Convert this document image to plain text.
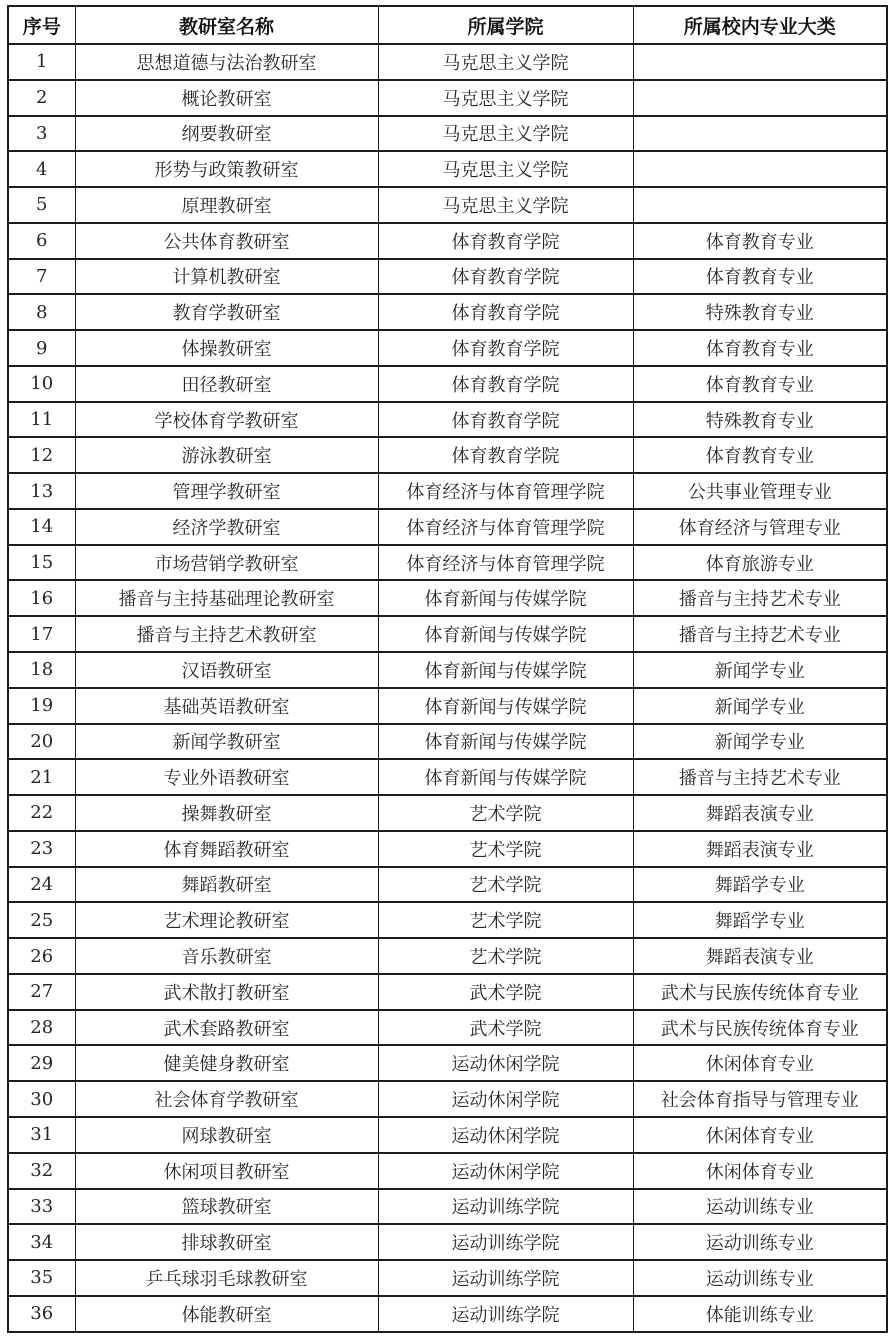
序号	教研室名称	所属学院	所属校内专业大类
1	思想道德与法治教研室	马克思主义学院	
2	概论教研室	马克思主义学院	
3	纲要教研室	马克思主义学院	
4	形势与政策教研室	马克思主义学院	
5	原理教研室	马克思主义学院	
6	公共体育教研室	体育教育学院	体育教育专业
7	计算机教研室	体育教育学院	体育教育专业
8	教育学教研室	体育教育学院	特殊教育专业
9	体操教研室	体育教育学院	体育教育专业
10	田径教研室	体育教育学院	体育教育专业
11	学校体育学教研室	体育教育学院	特殊教育专业
12	游泳教研室	体育教育学院	体育教育专业
13	管理学教研室	体育经济与体育管理学院	公共事业管理专业
14	经济学教研室	体育经济与体育管理学院	体育经济与管理专业
15	市场营销学教研室	体育经济与体育管理学院	体育旅游专业
16	播音与主持基础理论教研室	体育新闻与传媒学院	播音与主持艺术专业
17	播音与主持艺术教研室	体育新闻与传媒学院	播音与主持艺术专业
18	汉语教研室	体育新闻与传媒学院	新闻学专业
19	基础英语教研室	体育新闻与传媒学院	新闻学专业
20	新闻学教研室	体育新闻与传媒学院	新闻学专业
21	专业外语教研室	体育新闻与传媒学院	播音与主持艺术专业
22	操舞教研室	艺术学院	舞蹈表演专业
23	体育舞蹈教研室	艺术学院	舞蹈表演专业
24	舞蹈教研室	艺术学院	舞蹈学专业
25	艺术理论教研室	艺术学院	舞蹈学专业
26	音乐教研室	艺术学院	舞蹈表演专业
27	武术散打教研室	武术学院	武术与民族传统体育专业
28	武术套路教研室	武术学院	武术与民族传统体育专业
29	健美健身教研室	运动休闲学院	休闲体育专业
30	社会体育学教研室	运动休闲学院	社会体育指导与管理专业
31	网球教研室	运动休闲学院	休闲体育专业
32	休闲项目教研室	运动休闲学院	休闲体育专业
33	篮球教研室	运动训练学院	运动训练专业
34	排球教研室	运动训练学院	运动训练专业
35	乒乓球羽毛球教研室	运动训练学院	运动训练专业
36	体能教研室	运动训练学院	体能训练专业
